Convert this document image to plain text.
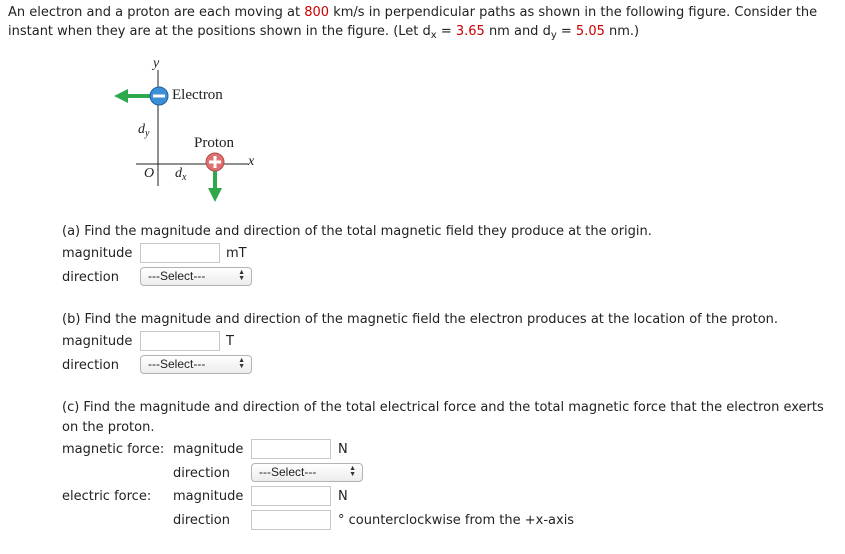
An electron and a proton are each moving at 800 km/s in perpendicular paths as shown in the following figure. Consider the instant when they are at the positions shown in the figure. (Let $d_x = 3.65$ nm and $d_y = 5.05$ nm.)
y
x
O
Electron
Proton
$d_y$
$d_x$
(a) Find the magnitude and direction of the total magnetic field they produce at the origin.
magnitude	mT
direction	---Select---	▲
▼
(b) Find the magnitude and direction of the magnetic field the electron produces at the location of the proton.
magnitude	T
direction	---Select---	▲
▼
(c) Find the magnitude and direction of the total electrical force and the total magnetic force that the electron exerts
on the proton.
magnetic force: magnitude	N
direction	---Select---	▲
▼
electric force: magnitude	N
direction	° counterclockwise from the +x-axis
